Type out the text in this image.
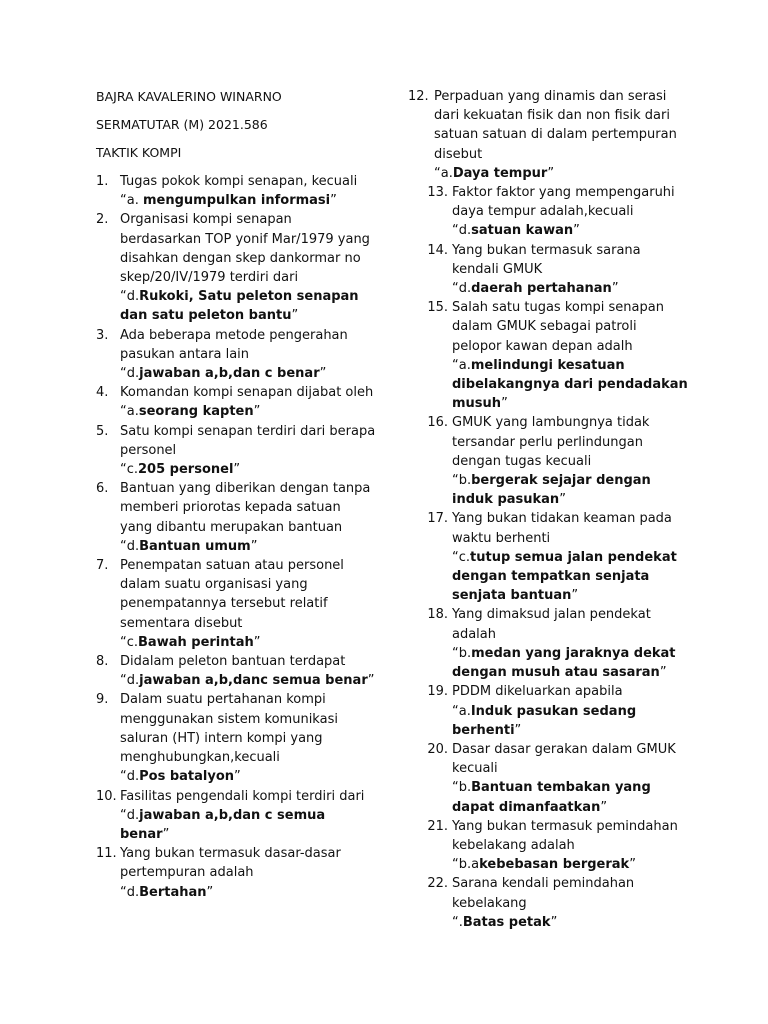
BAJRA KAVALERINO WINARNO
SERMATUTAR (M) 2021.586
TAKTIK KOMPI
1. Tugas pokok kompi senapan, kecuali
“a. mengumpulkan informasi”
2. Organisasi kompi senapan berdasarkan TOP yonif Mar/1979 yang disahkan dengan skep dankormar no skep/20/IV/1979 terdiri dari
“d.Rukoki, Satu peleton senapan dan satu peleton bantu”
3. Ada beberapa metode pengerahan pasukan antara lain
“d.jawaban a,b,dan c benar”
4. Komandan kompi senapan dijabat oleh
“a.seorang kapten”
5. Satu kompi senapan terdiri dari berapa personel
“c.205 personel”
6. Bantuan yang diberikan dengan tanpa memberi priorotas kepada satuan yang dibantu merupakan bantuan
“d.Bantuan umum”
7. Penempatan satuan atau personel dalam suatu organisasi yang penempatannya tersebut relatif sementara disebut
“c.Bawah perintah”
8. Didalam peleton bantuan terdapat
“d.jawaban a,b,danc semua benar”
9. Dalam suatu pertahanan kompi menggunakan sistem komunikasi saluran (HT) intern kompi yang menghubungkan,kecuali
“d.Pos batalyon”
10. Fasilitas pengendali kompi terdiri dari
“d.jawaban a,b,dan c semua benar”
11. Yang bukan termasuk dasar-dasar pertempuran adalah
“d.Bertahan”
12. Perpaduan yang dinamis dan serasi dari kekuatan fisik dan non fisik dari satuan satuan di dalam pertempuran disebut
“a.Daya tempur”
13. Faktor faktor yang mempengaruhi daya tempur adalah,kecuali
“d.satuan kawan”
14. Yang bukan termasuk sarana kendali GMUK
“d.daerah pertahanan”
15. Salah satu tugas kompi senapan dalam GMUK sebagai patroli pelopor kawan depan adalh
“a.melindungi kesatuan dibelakangnya dari pendadakan musuh”
16. GMUK yang lambungnya tidak tersandar perlu perlindungan dengan tugas kecuali
“b.bergerak sejajar dengan induk pasukan”
17. Yang bukan tidakan keaman pada waktu berhenti
“c.tutup semua jalan pendekat dengan tempatkan senjata senjata bantuan”
18. Yang dimaksud jalan pendekat adalah
“b.medan yang jaraknya dekat dengan musuh atau sasaran”
19. PDDM dikeluarkan apabila
“a.Induk pasukan sedang berhenti”
20. Dasar dasar gerakan dalam GMUK kecuali
“b.Bantuan tembakan yang dapat dimanfaatkan”
21. Yang bukan termasuk pemindahan kebelakang adalah
“b.akebebasan bergerak”
22. Sarana kendali pemindahan kebelakang
“.Batas petak”
